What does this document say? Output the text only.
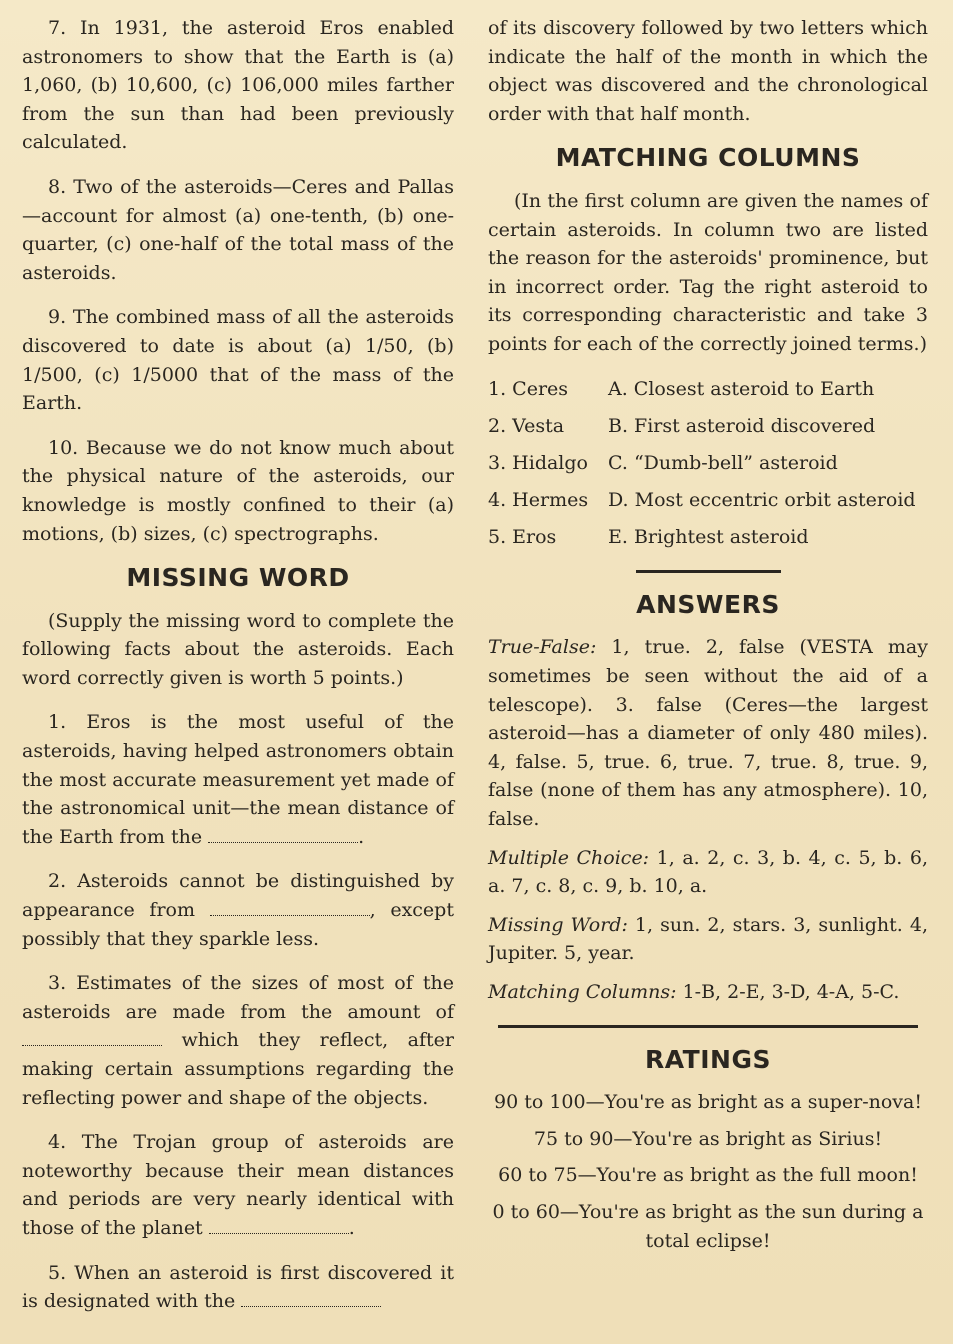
7. In 1931, the asteroid Eros enabled astronomers to show that the Earth is (a) 1,060, (b) 10,600, (c) 106,000 miles farther from the sun than had been previously calculated.

8. Two of the asteroids—Ceres and Pallas—account for almost (a) one-tenth, (b) one-quarter, (c) one-half of the total mass of the asteroids.

9. The combined mass of all the asteroids discovered to date is about (a) 1/50, (b) 1/500, (c) 1/5000 that of the mass of the Earth.

10. Because we do not know much about the physical nature of the asteroids, our knowledge is mostly confined to their (a) motions, (b) sizes, (c) spectrographs.

MISSING WORD

(Supply the missing word to complete the following facts about the asteroids. Each word correctly given is worth 5 points.)

1. Eros is the most useful of the asteroids, having helped astronomers obtain the most accurate measurement yet made of the astronomical unit—the mean distance of the Earth from the	.

2. Asteroids cannot be distinguished by appearance from	, except possibly that they sparkle less.

3. Estimates of the sizes of most of the asteroids are made from the amount of  which they reflect, after making certain assumptions regarding the reflecting power and shape of the objects.

4. The Trojan group of asteroids are noteworthy because their mean distances and periods are very nearly identical with those of the planet	.

5. When an asteroid is first discovered it is designated with the

of its discovery followed by two letters which indicate the half of the month in which the object was discovered and the chronological order with that half month.

MATCHING COLUMNS

(In the first column are given the names of certain asteroids. In column two are listed the reason for the asteroids' prominence, but in incorrect order. Tag the right asteroid to its corresponding characteristic and take 3 points for each of the correctly joined terms.)

1. Ceres	A. Closest asteroid to Earth
2. Vesta	B. First asteroid discovered
3. Hidalgo	C. “Dumb-bell” asteroid
4. Hermes	D. Most eccentric orbit asteroid
5. Eros	E. Brightest asteroid
ANSWERS

True-False: 1, true. 2, false (VESTA may sometimes be seen without the aid of a telescope). 3. false (Ceres—the largest asteroid—has a diameter of only 480 miles). 4, false. 5, true. 6, true. 7, true. 8, true. 9, false (none of them has any atmosphere). 10, false.

Multiple Choice: 1, a. 2, c. 3, b. 4, c. 5, b. 6, a. 7, c. 8, c. 9, b. 10, a.

Missing Word: 1, sun. 2, stars. 3, sunlight. 4, Jupiter. 5, year.

Matching Columns: 1-B, 2-E, 3-D, 4-A, 5-C.

RATINGS
90 to 100—You're as bright as a super-nova!
75 to 90—You're as bright as Sirius!
60 to 75—You're as bright as the full moon!
0 to 60—You're as bright as the sun during a total eclipse!
